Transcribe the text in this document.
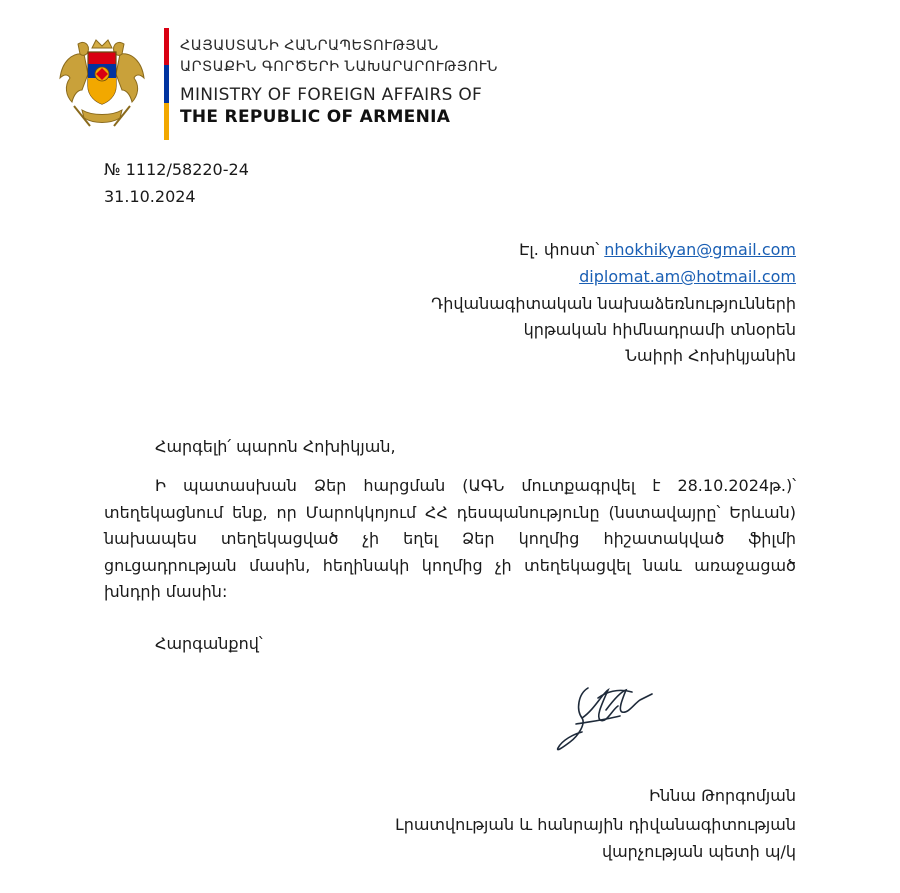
ՀԱՅԱՍՏԱՆԻ ՀԱՆՐԱՊԵՏՈՒԹՅԱՆ
ԱՐՏԱՔԻՆ ԳՈՐԾԵՐԻ ՆԱԽԱՐԱՐՈՒԹՅՈՒՆ
MINISTRY OF FOREIGN AFFAIRS OF
THE REPUBLIC OF ARMENIA
№ 1112/58220-24
31.10.2024
Էլ. փոստ՝ nhokhikyan@gmail.com
diplomat.am@hotmail.com
Դիվանագիտական նախաձեռնությունների
կրթական հիմնադրամի տնօրեն
Նաիրի Հոխիկյանին
Հարգելի՛ պարոն Հոխիկյան,
Ի պատասխան Ձեր հարցման (ԱԳՆ մուտքագրվել է 28.10.2024թ.)՝ տեղեկացնում ենք, որ Մարոկկոյում ՀՀ դեսպանությունը (նստավայրը՝ Երևան) նախապես տեղեկացված չի եղել Ձեր կողմից հիշատակված ֆիլմի ցուցադրության մասին, հեղինակի կողմից չի տեղեկացվել նաև առաջացած խնդրի մասին:
Հարգանքով՝
Իննա Թորգոմյան
Լրատվության և հանրային դիվանագիտության
վարչության պետի պ/կ
